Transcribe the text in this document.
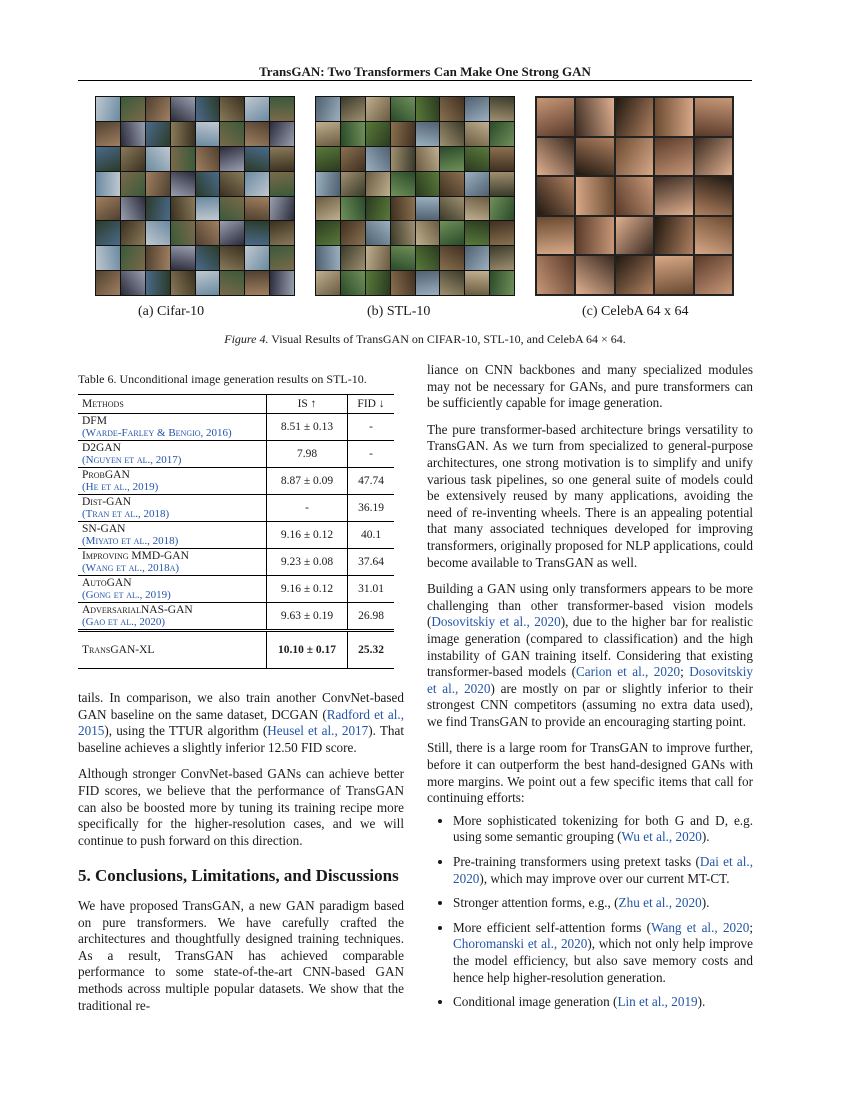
TransGAN: Two Transformers Can Make One Strong GAN
(a) Cifar-10	(b) STL-10	(c) CelebA 64 x 64
Figure 4. Visual Results of TransGAN on CIFAR-10, STL-10, and CelebA 64 × 64.
Table 6. Unconditional image generation results on STL-10.
Methods	IS ↑	FID ↓
DFM
(Warde-Farley & Bengio, 2016)	8.51 ± 0.13	-
D2GAN
(Nguyen et al., 2017)	7.98	-
ProbGAN
(He et al., 2019)	8.87 ± 0.09	47.74
Dist-GAN
(Tran et al., 2018)	-	36.19
SN-GAN
(Miyato et al., 2018)	9.16 ± 0.12	40.1
Improving MMD-GAN
(Wang et al., 2018a)	9.23 ± 0.08	37.64
AutoGAN
(Gong et al., 2019)	9.16 ± 0.12	31.01
AdversarialNAS-GAN
(Gao et al., 2020)	9.63 ± 0.19	26.98
TransGAN-XL	10.10 ± 0.17	25.32

tails. In comparison, we also train another ConvNet-based GAN baseline on the same dataset, DCGAN (Radford et al., 2015), using the TTUR algorithm (Heusel et al., 2017). That baseline achieves a slightly inferior 12.50 FID score.

Although stronger ConvNet-based GANs can achieve better FID scores, we believe that the performance of TransGAN can also be boosted more by tuning its training recipe more specifically for the higher-resolution cases, and we will continue to push forward on this direction.

5. Conclusions, Limitations, and Discussions

We have proposed TransGAN, a new GAN paradigm based on pure transformers. We have carefully crafted the architectures and thoughtfully designed training techniques. As a result, TransGAN has achieved comparable performance to some state-of-the-art CNN-based GAN methods across multiple popular datasets. We show that the traditional re-

liance on CNN backbones and many specialized modules may not be necessary for GANs, and pure transformers can be sufficiently capable for image generation.

The pure transformer-based architecture brings versatility to TransGAN. As we turn from specialized to general-purpose architectures, one strong motivation is to simplify and unify various task pipelines, so one general suite of models could be extensively reused by many applications, avoiding the need of re-inventing wheels. There is an appealing potential that many associated techniques developed for improving transformers, originally proposed for NLP applications, could become available to TransGAN as well.

Building a GAN using only transformers appears to be more challenging than other transformer-based vision models (Dosovitskiy et al., 2020), due to the higher bar for realistic image generation (compared to classification) and the high instability of GAN training itself. Considering that existing transformer-based models (Carion et al., 2020; Dosovitskiy et al., 2020) are mostly on par or slightly inferior to their strongest CNN competitors (assuming no extra data used), we find TransGAN to provide an encouraging starting point.

Still, there is a large room for TransGAN to improve further, before it can outperform the best hand-designed GANs with more margins. We point out a few specific items that call for continuing efforts:

• More sophisticated tokenizing for both G and D, e.g. using some semantic grouping (Wu et al., 2020).
• Pre-training transformers using pretext tasks (Dai et al., 2020), which may improve over our current MT-CT.
• Stronger attention forms, e.g., (Zhu et al., 2020).
• More efficient self-attention forms (Wang et al., 2020; Choromanski et al., 2020), which not only help improve the model efficiency, but also save memory costs and hence help higher-resolution generation.
• Conditional image generation (Lin et al., 2019).
